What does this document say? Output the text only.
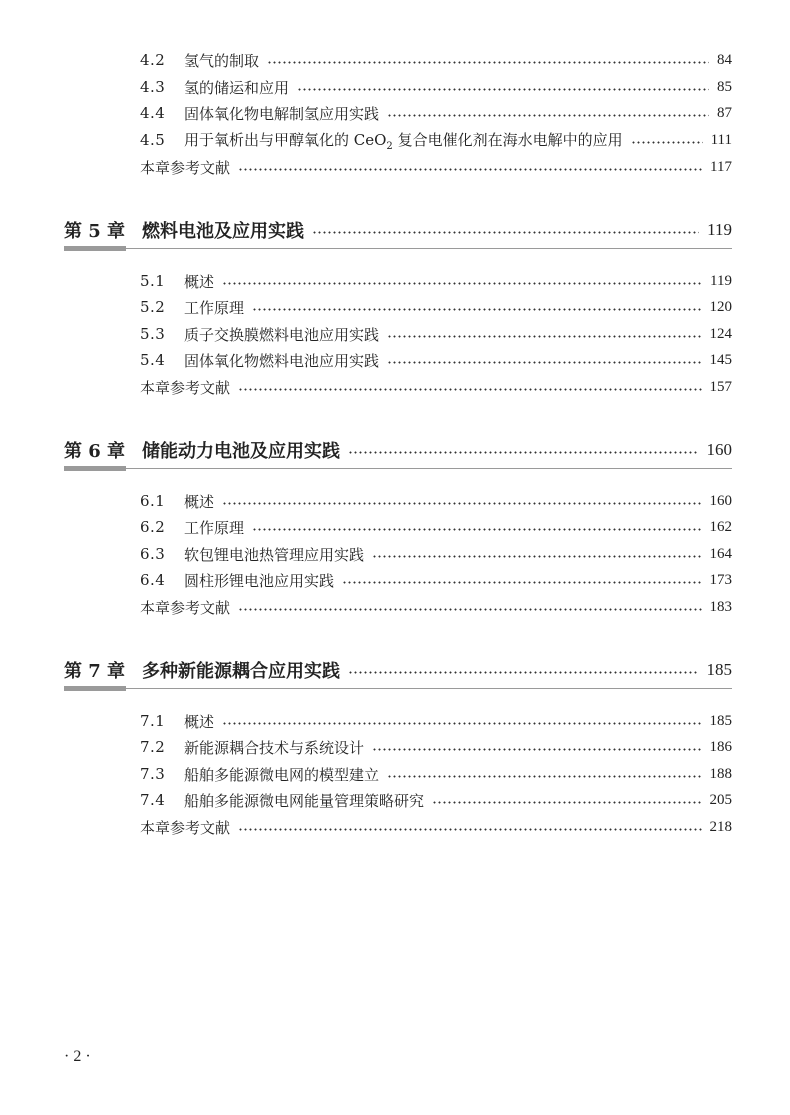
4.2	氢气的制取	84
4.3	氢的储运和应用	85
4.4	固体氧化物电解制氢应用实践	87
4.5	用于氧析出与甲醇氧化的 CeO$_2$ 复合电催化剂在海水电解中的应用	111
本章参考文献	117
第 5 章 燃料电池及应用实践	119
5.1	概述	119
5.2	工作原理	120
5.3	质子交换膜燃料电池应用实践	124
5.4	固体氧化物燃料电池应用实践	145
本章参考文献	157
第 6 章 储能动力电池及应用实践	160
6.1	概述	160
6.2	工作原理	162
6.3	软包锂电池热管理应用实践	164
6.4	圆柱形锂电池应用实践	173
本章参考文献	183
第 7 章 多种新能源耦合应用实践	185
7.1	概述	185
7.2	新能源耦合技术与系统设计	186
7.3	船舶多能源微电网的模型建立	188
7.4	船舶多能源微电网能量管理策略研究	205
本章参考文献	218
· 2 ·
